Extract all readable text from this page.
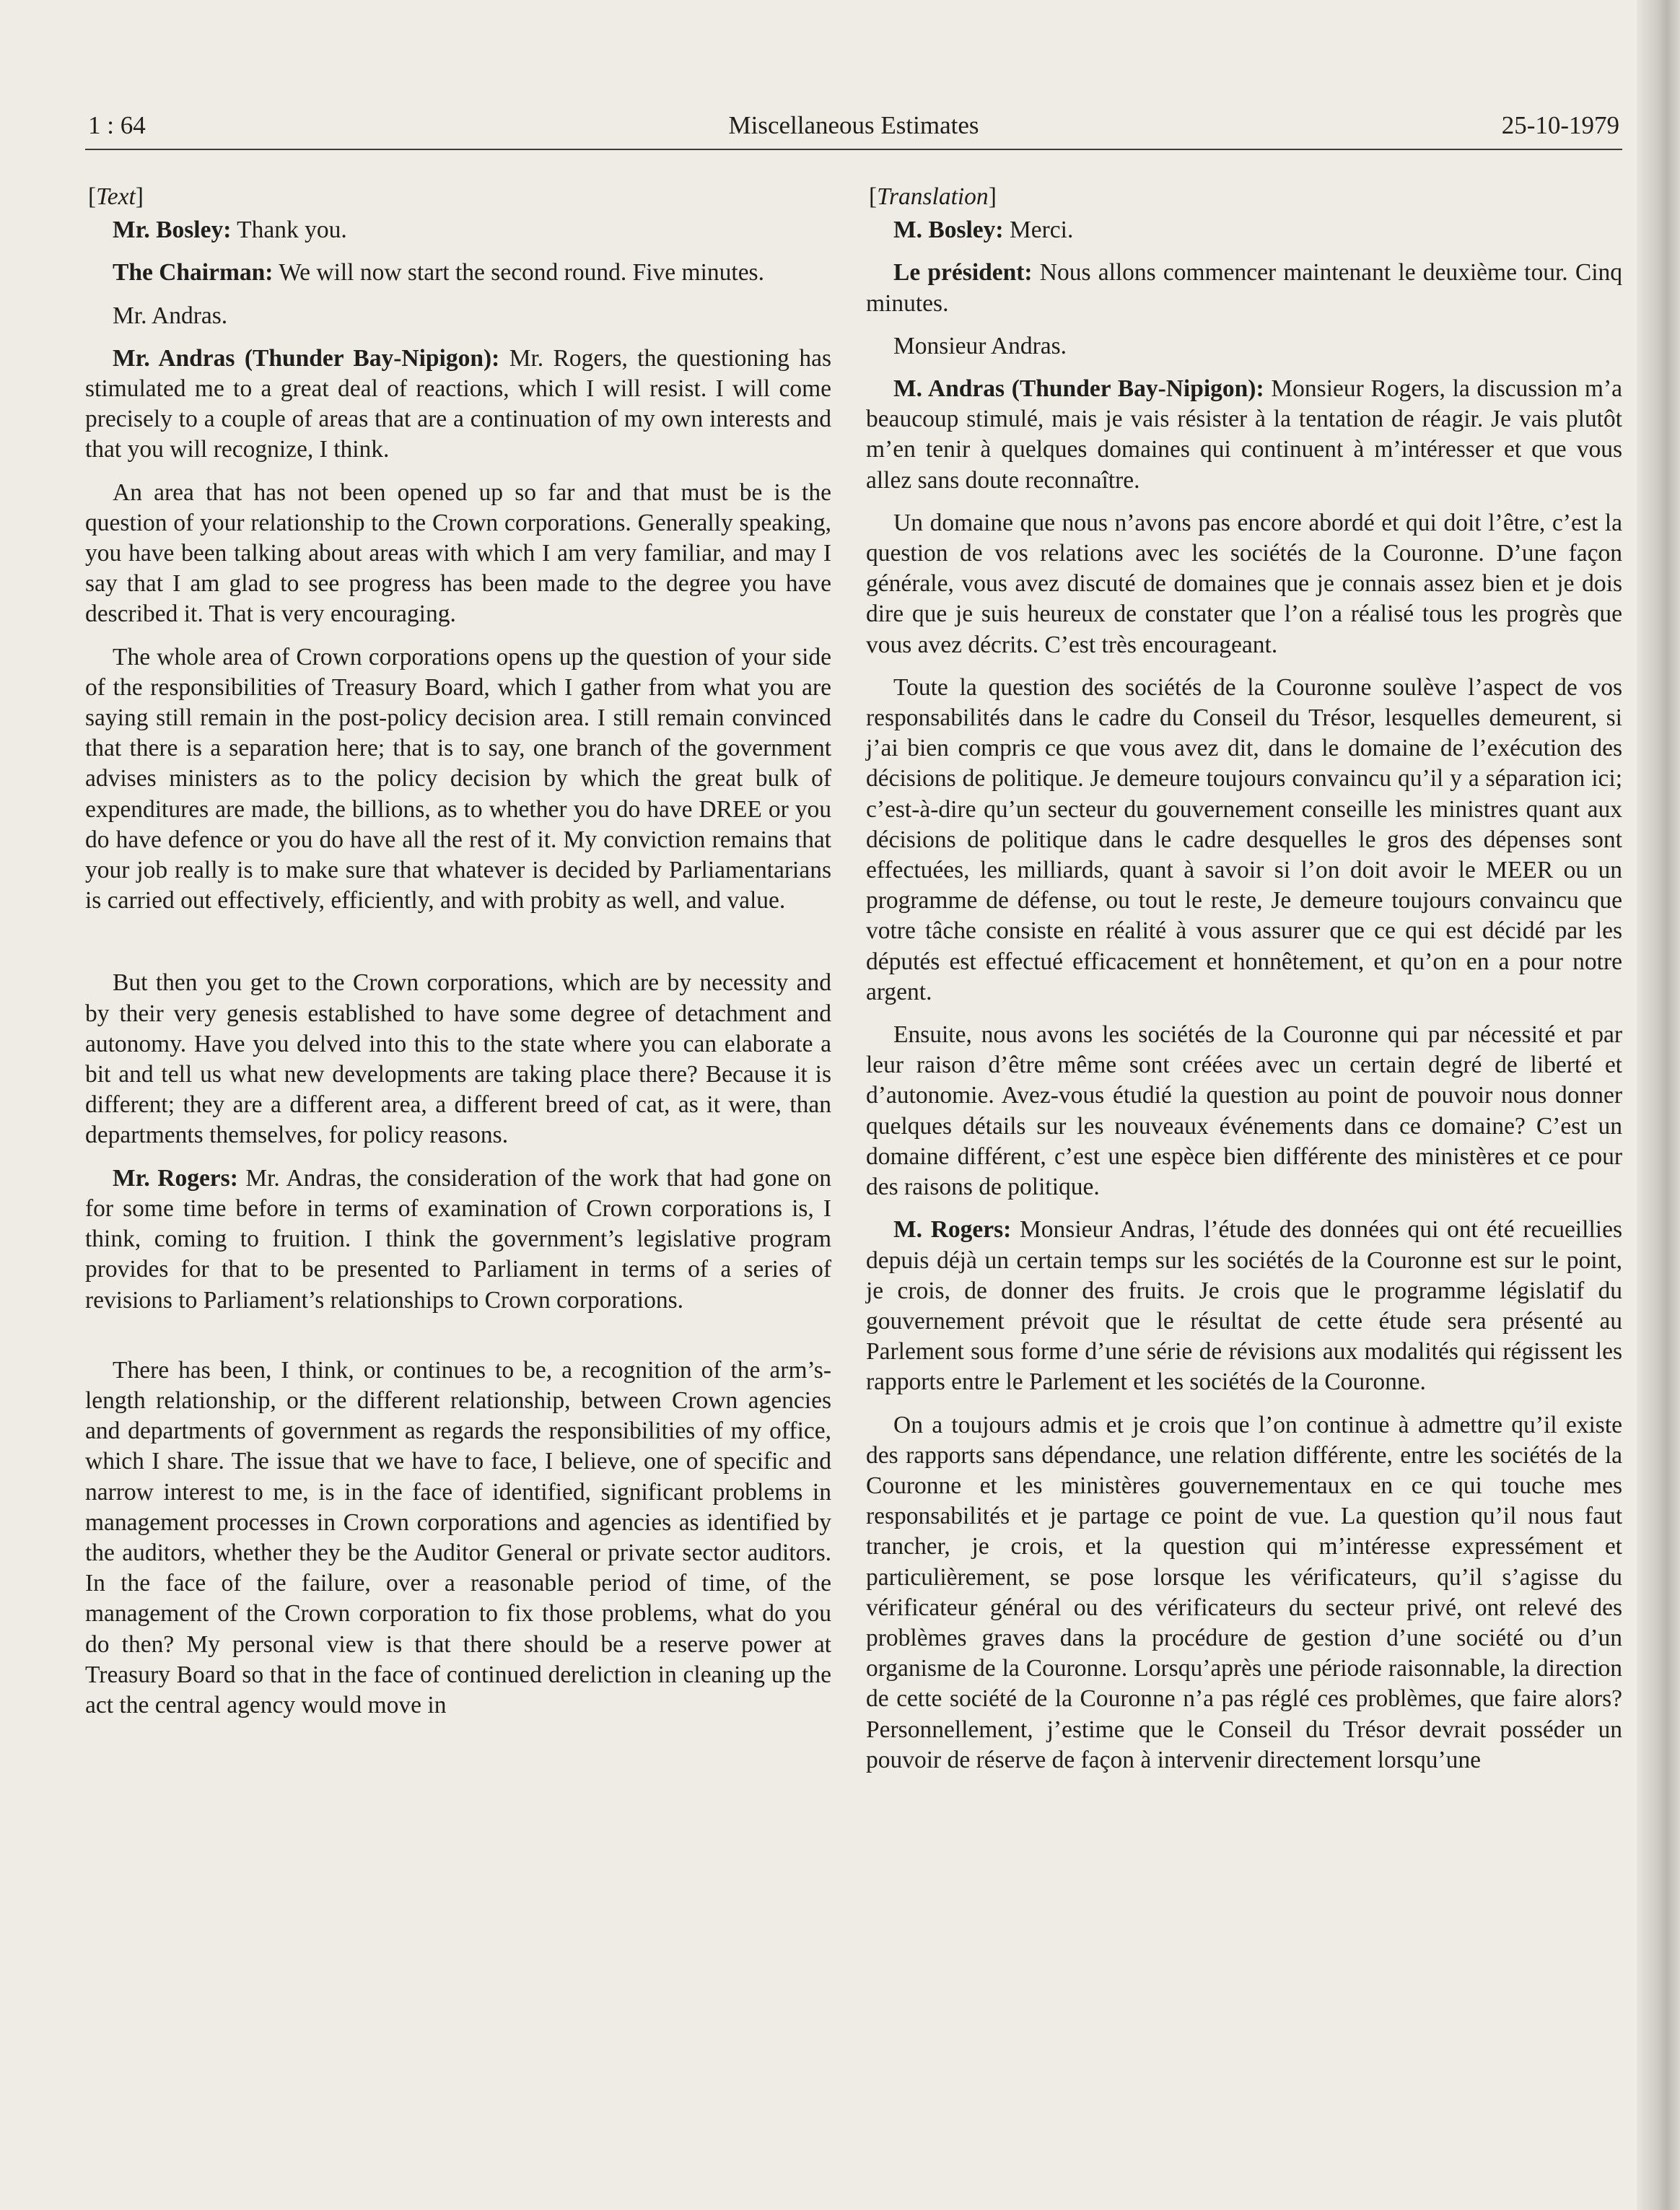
1 : 64	Miscellaneous Estimates	25-10-1979

[Text]

Mr. Bosley: Thank you.

The Chairman: We will now start the second round. Five minutes.

Mr. Andras.

Mr. Andras (Thunder Bay-Nipigon): Mr. Rogers, the questioning has stimulated me to a great deal of reactions, which I will resist. I will come precisely to a couple of areas that are a continuation of my own interests and that you will recognize, I think.

An area that has not been opened up so far and that must be is the question of your relationship to the Crown corporations. Generally speaking, you have been talking about areas with which I am very familiar, and may I say that I am glad to see progress has been made to the degree you have described it. That is very encouraging.

The whole area of Crown corporations opens up the question of your side of the responsibilities of Treasury Board, which I gather from what you are saying still remain in the post-policy decision area. I still remain convinced that there is a separation here; that is to say, one branch of the government advises ministers as to the policy decision by which the great bulk of expenditures are made, the billions, as to whether you do have DREE or you do have defence or you do have all the rest of it. My conviction remains that your job really is to make sure that whatever is decided by Parliamentarians is carried out effectively, efficiently, and with probity as well, and value.

But then you get to the Crown corporations, which are by necessity and by their very genesis established to have some degree of detachment and autonomy. Have you delved into this to the state where you can elaborate a bit and tell us what new developments are taking place there? Because it is different; they are a different area, a different breed of cat, as it were, than departments themselves, for policy reasons.

Mr. Rogers: Mr. Andras, the consideration of the work that had gone on for some time before in terms of examination of Crown corporations is, I think, coming to fruition. I think the government’s legislative program provides for that to be presented to Parliament in terms of a series of revisions to Parliament’s relationships to Crown corporations.

There has been, I think, or continues to be, a recognition of the arm’s-length relationship, or the different relationship, between Crown agencies and departments of government as regards the responsibilities of my office, which I share. The issue that we have to face, I believe, one of specific and narrow interest to me, is in the face of identified, significant problems in management processes in Crown corporations and agencies as identified by the auditors, whether they be the Auditor General or private sector auditors. In the face of the failure, over a reasonable period of time, of the management of the Crown corporation to fix those problems, what do you do then? My personal view is that there should be a reserve power at Treasury Board so that in the face of continued dereliction in cleaning up the act the central agency would move in

[Translation]

M. Bosley: Merci.

Le président: Nous allons commencer maintenant le deuxième tour. Cinq minutes.

Monsieur Andras.

M. Andras (Thunder Bay-Nipigon): Monsieur Rogers, la discussion m’a beaucoup stimulé, mais je vais résister à la tentation de réagir. Je vais plutôt m’en tenir à quelques domaines qui continuent à m’intéresser et que vous allez sans doute reconnaître.

Un domaine que nous n’avons pas encore abordé et qui doit l’être, c’est la question de vos relations avec les sociétés de la Couronne. D’une façon générale, vous avez discuté de domaines que je connais assez bien et je dois dire que je suis heureux de constater que l’on a réalisé tous les progrès que vous avez décrits. C’est très encourageant.

Toute la question des sociétés de la Couronne soulève l’aspect de vos responsabilités dans le cadre du Conseil du Trésor, lesquelles demeurent, si j’ai bien compris ce que vous avez dit, dans le domaine de l’exécution des décisions de politique. Je demeure toujours convaincu qu’il y a séparation ici; c’est-à-dire qu’un secteur du gouvernement conseille les ministres quant aux décisions de politique dans le cadre desquelles le gros des dépenses sont effectuées, les milliards, quant à savoir si l’on doit avoir le MEER ou un programme de défense, ou tout le reste, Je demeure toujours convaincu que votre tâche consiste en réalité à vous assurer que ce qui est décidé par les députés est effectué efficacement et honnêtement, et qu’on en a pour notre argent.

Ensuite, nous avons les sociétés de la Couronne qui par nécessité et par leur raison d’être même sont créées avec un certain degré de liberté et d’autonomie. Avez-vous étudié la question au point de pouvoir nous donner quelques détails sur les nouveaux événements dans ce domaine? C’est un domaine différent, c’est une espèce bien différente des ministères et ce pour des raisons de politique.

M. Rogers: Monsieur Andras, l’étude des données qui ont été recueillies depuis déjà un certain temps sur les sociétés de la Couronne est sur le point, je crois, de donner des fruits. Je crois que le programme législatif du gouvernement prévoit que le résultat de cette étude sera présenté au Parlement sous forme d’une série de révisions aux modalités qui régissent les rapports entre le Parlement et les sociétés de la Couronne.

On a toujours admis et je crois que l’on continue à admettre qu’il existe des rapports sans dépendance, une relation différente, entre les sociétés de la Couronne et les ministères gouvernementaux en ce qui touche mes responsabilités et je partage ce point de vue. La question qu’il nous faut trancher, je crois, et la question qui m’intéresse expressément et particulièrement, se pose lorsque les vérificateurs, qu’il s’agisse du vérificateur général ou des vérificateurs du secteur privé, ont relevé des problèmes graves dans la procédure de gestion d’une société ou d’un organisme de la Couronne. Lorsqu’après une période raisonnable, la direction de cette société de la Couronne n’a pas réglé ces problèmes, que faire alors? Personnellement, j’estime que le Conseil du Trésor devrait posséder un pouvoir de réserve de façon à intervenir directement lorsqu’une
